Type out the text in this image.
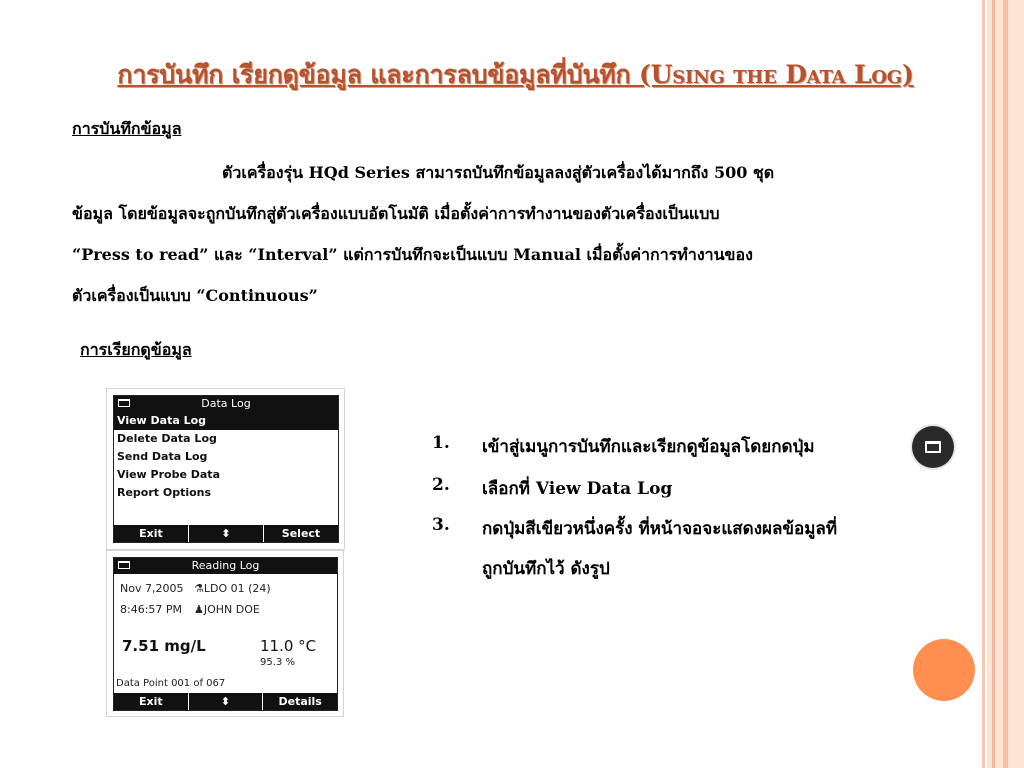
การบันทึก เรียกดูข้อมูล และการลบข้อมูลที่บันทึก (Using the Data Log)
การบันทึกข้อมูล
ตัวเครื่องรุ่น HQd Series สามารถบันทึกข้อมูลลงสู่ตัวเครื่องได้มากถึง 500 ชุด
ข้อมูล โดยข้อมูลจะถูกบันทึกสู่ตัวเครื่องแบบอัตโนมัติ เมื่อตั้งค่าการทำงานของตัวเครื่องเป็นแบบ
“Press to read” และ “Interval” แต่การบันทึกจะเป็นแบบ Manual เมื่อตั้งค่าการทำงานของ
ตัวเครื่องเป็นแบบ “Continuous”
การเรียกดูข้อมูล
Data Log
View Data Log
Delete Data Log
Send Data Log
View Probe Data
Report Options
Exit	⬍	Select
Reading Log
Nov 7,2005 ⚗LDO 01 (24)
8:46:57 PM ♟JOHN DOE
7.51 mg/L	11.0 °C
95.3 %
Data Point 001 of 067
Exit	⬍	Details
1. เข้าสู่เมนูการบันทึกและเรียกดูข้อมูลโดยกดปุ่ม
2. เลือกที่ View Data Log
3. กดปุ่มสีเขียวหนึ่งครั้ง ที่หน้าจอจะแสดงผลข้อมูลที่
ถูกบันทึกไว้ ดังรูป
